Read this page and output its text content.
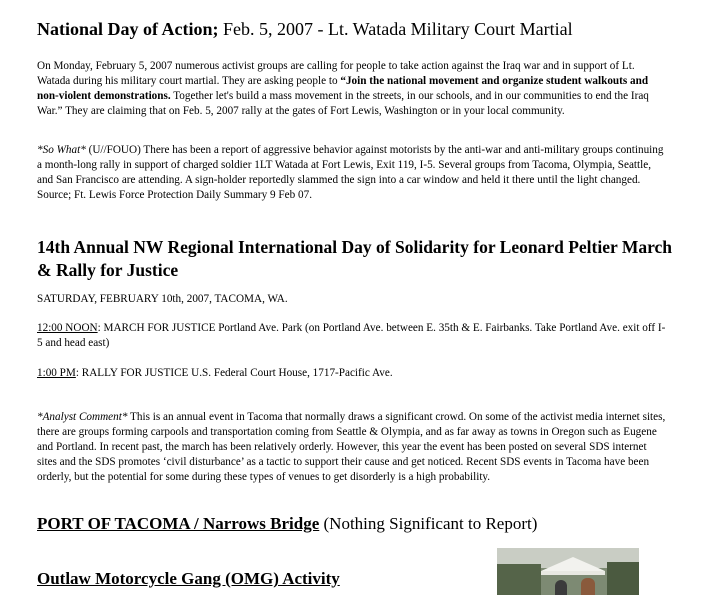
National Day of Action; Feb. 5, 2007 - Lt. Watada Military Court Martial

On Monday, February 5, 2007 numerous activist groups are calling for people to take action against the Iraq war and in support of Lt. Watada during his military court martial. They are asking people to “Join the national movement and organize student walkouts and non-violent demonstrations. Together let's build a mass movement in the streets, in our schools, and in our communities to end the Iraq War.” They are claiming that on Feb. 5, 2007 rally at the gates of Fort Lewis, Washington or in your local community.

*So What* (U//FOUO) There has been a report of aggressive behavior against motorists by the anti-war and anti-military groups continuing a month-long rally in support of charged soldier 1LT Watada at Fort Lewis, Exit 119, I-5. Several groups from Tacoma, Olympia, Seattle, and San Francisco are attending. A sign-holder reportedly slammed the sign into a car window and held it there until the light changed. Source; Ft. Lewis Force Protection Daily Summary 9 Feb 07.

14th Annual NW Regional International Day of Solidarity for Leonard Peltier March & Rally for Justice

SATURDAY, FEBRUARY 10th, 2007, TACOMA, WA.

12:00 NOON: MARCH FOR JUSTICE Portland Ave. Park (on Portland Ave. between E. 35th & E. Fairbanks. Take Portland Ave. exit off I-5 and head east)

1:00 PM: RALLY FOR JUSTICE U.S. Federal Court House, 1717-Pacific Ave.

*Analyst Comment* This is an annual event in Tacoma that normally draws a significant crowd. On some of the activist media internet sites, there are groups forming carpools and transportation coming from Seattle & Olympia, and as far away as towns in Oregon such as Eugene and Portland. In recent past, the march has been relatively orderly. However, this year the event has been posted on several SDS internet sites and the SDS promotes ‘civil disturbance’ as a tactic to support their cause and get noticed. Recent SDS events in Tacoma have been orderly, but the potential for some during these types of venues to get disorderly is a high probability.

PORT OF TACOMA / Narrows Bridge (Nothing Significant to Report)
Outlaw Motorcycle Gang (OMG) Activity
